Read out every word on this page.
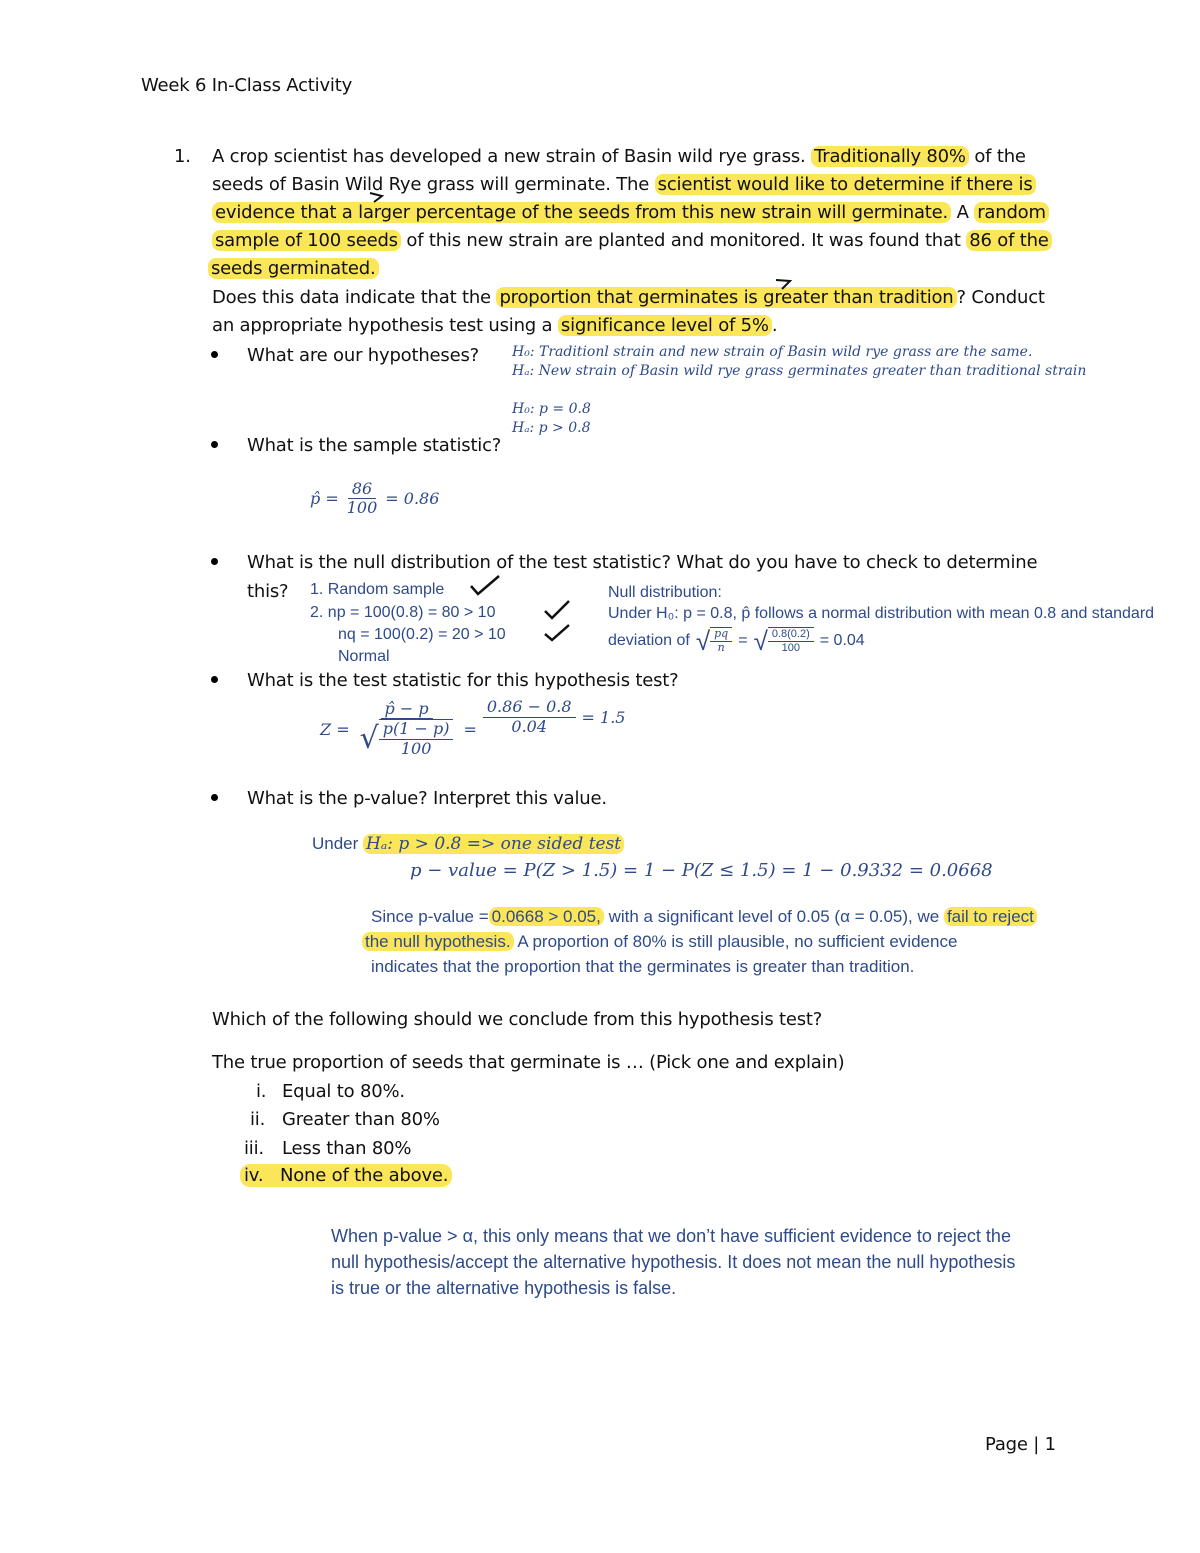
Week 6 In-Class Activity
1. A crop scientist has developed a new strain of Basin wild rye grass. Traditionally 80% of the
seeds of Basin Wild Rye grass will germinate. The scientist would like to determine if there is
evidence that a larger percentage of the seeds from this new strain will germinate. A random
sample of 100 seeds of this new strain are planted and monitored. It was found that 86 of the
seeds germinated.
Does this data indicate that the proportion that germinates is greater than tradition ? Conduct
an appropriate hypothesis test using a significance level of 5% .
What are our hypotheses? H₀: Traditionl strain and new strain of Basin wild rye grass are the same.
Hₐ: New strain of Basin wild rye grass germinates greater than traditional strain
H₀: p = 0.8
Hₐ: p > 0.8
What is the sample statistic?
p̂ = $\frac{86}{100} = 0.86$
What is the null distribution of the test statistic? What do you have to check to determine
this? 1. Random sample
2. np = 100(0.8) = 80 > 10
nq = 100(0.2) = 20 > 10
Normal
Null distribution:
Under H₀: p = 0.8, p̂ follows a normal distribution with mean 0.8 and standard
deviation of √ $\frac{pq}{n}$ = √ $\frac{0.8(0.2)}{100} = 0.04$
What is the test statistic for this hypothesis test?
$Z = \frac{p̂ - p}{√ \frac{p(1 - p)}{100}} = \frac{0.86 - 0.8}{0.04} = 1.5$
What is the p-value? Interpret this value.
Under Hₐ: p > 0.8 => one sided test
p − value = P(Z > 1.5) = 1 − P(Z ≤ 1.5) = 1 − 0.9332 = 0.0668
Since p-value = 0.0668 > 0.05, with a significant level of 0.05 (α = 0.05), we fail to reject
the null hypothesis. A proportion of 80% is still plausible, no sufficient evidence
indicates that the proportion that the germinates is greater than tradition.
Which of the following should we conclude from this hypothesis test?
The true proportion of seeds that germinate is … (Pick one and explain)
i. Equal to 80%.
ii. Greater than 80%
iii. Less than 80%
iv. None of the above.
When p-value > α, this only means that we don’t have sufficient evidence to reject the
null hypothesis/accept the alternative hypothesis. It does not mean the null hypothesis
is true or the alternative hypothesis is false.
Page | 1
